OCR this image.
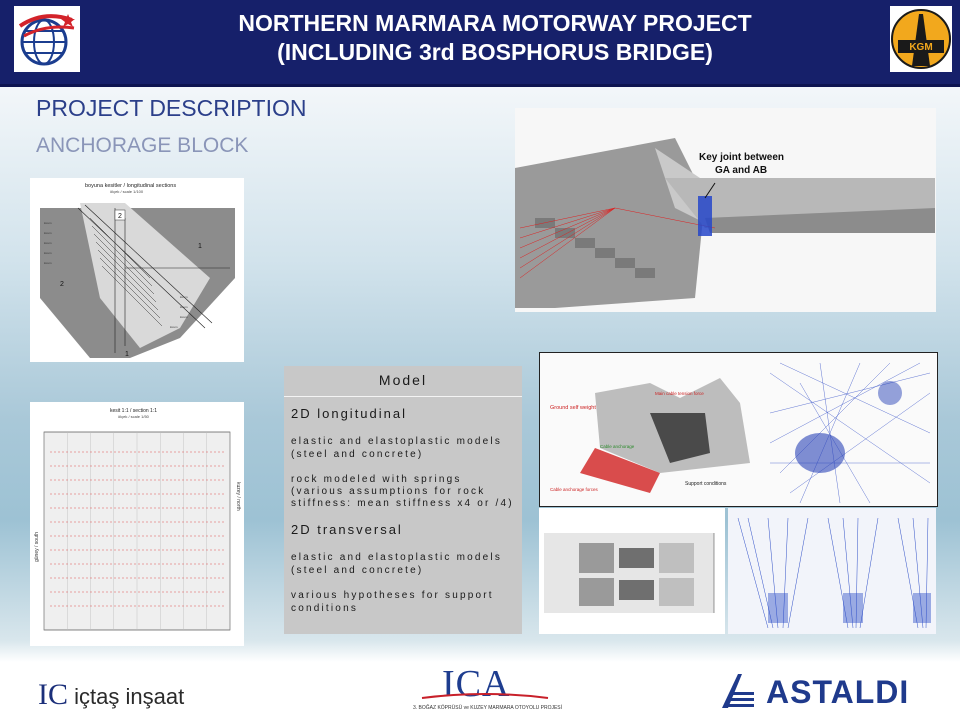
NORTHERN MARMARA MOTORWAY PROJECT
(INCLUDING 3rd BOSPHORUS BRIDGE)	KGM
PROJECT DESCRIPTION
ANCHORAGE BLOCK
boyuna kesitler / longitudinal sections
ölçek / scale 1/100
lorem
lorem
lorem
lorem
lorem
lorem
lorem
lorem
lorem
2
1
2
1
Key joint between
GA and AB
Model
2D longitudinal
elastic and elastoplastic models
(steel and concrete)
rock modeled with springs
(various assumptions for rock
stiffness: mean stiffness x4 or /4)
2D transversal
elastic and elastoplastic models
(steel and concrete)
various hypotheses for support
conditions
kesit 1:1 / section 1:1
ölçek / scale 1/50
güney / south
kuzey / north
Ground self weight
Main cable tension force
Cable anchorage
Cable anchorage forces
Support conditions
IC içtaş inşaat	ICA
3. BOĞAZ KÖPRÜSÜ ve KUZEY MARMARA OTOYOLU PROJESİ	ASTALDI
